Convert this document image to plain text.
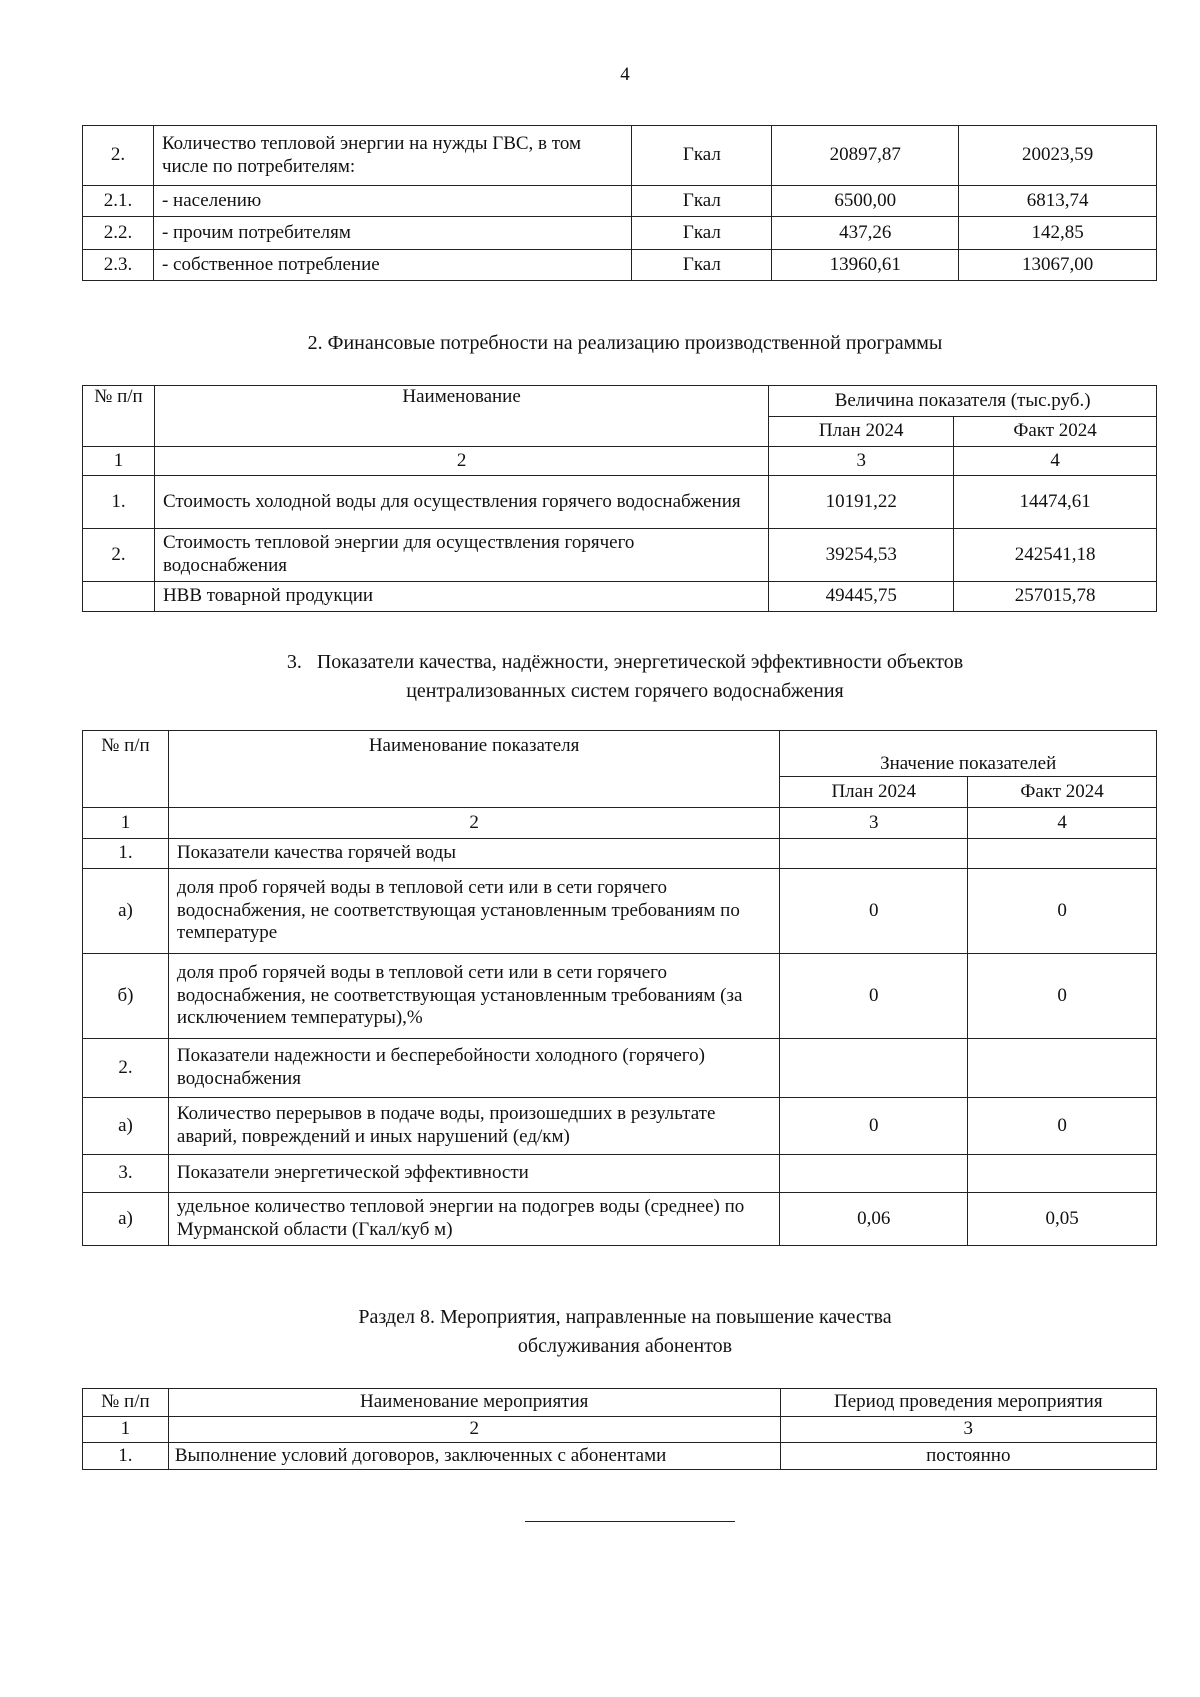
4
2.	Количество тепловой энергии на нужды ГВС, в том числе по потребителям:	Гкал	20897,87	20023,59
2.1.	- населению	Гкал	6500,00	6813,74
2.2.	- прочим потребителям	Гкал	437,26	142,85
2.3.	- собственное потребление	Гкал	13960,61	13067,00
2. Финансовые потребности на реализацию производственной программы
№ п/п	Наименование	Величина показателя (тыс.руб.)	
		План 2024	Факт 2024
1	2	3	4
1.	Стоимость холодной воды для осуществления горячего водоснабжения	10191,22	14474,61
2.	Стоимость тепловой энергии для осуществления горячего водоснабжения	39254,53	242541,18
	НВВ товарной продукции	49445,75	257015,78
3.   Показатели качества, надёжности, энергетической эффективности объектов
централизованных систем горячего водоснабжения
№ п/п	Наименование показателя	Значение показателей	
		План 2024	Факт 2024
1	2	3	4
1.	Показатели качества горячей воды		
а)	доля проб горячей воды в тепловой сети или в сети горячего водоснабжения, не соответствующая установленным требованиям по температуре	0	0
б)	доля проб горячей воды в тепловой сети или в сети горячего водоснабжения, не соответствующая установленным требованиям (за исключением температуры),%	0	0
2.	Показатели надежности и бесперебойности холодного (горячего) водоснабжения		
а)	Количество перерывов в подаче воды, произошедших в результате аварий, повреждений и иных нарушений (ед/км)	0	0
3.	Показатели энергетической эффективности		
а)	удельное количество тепловой энергии на подогрев воды (среднее) по Мурманской области (Гкал/куб м)	0,06	0,05
Раздел 8. Мероприятия, направленные на повышение качества
обслуживания абонентов
№ п/п	Наименование мероприятия	Период проведения мероприятия
1	2	3
1.	Выполнение условий договоров, заключенных с абонентами	постоянно
